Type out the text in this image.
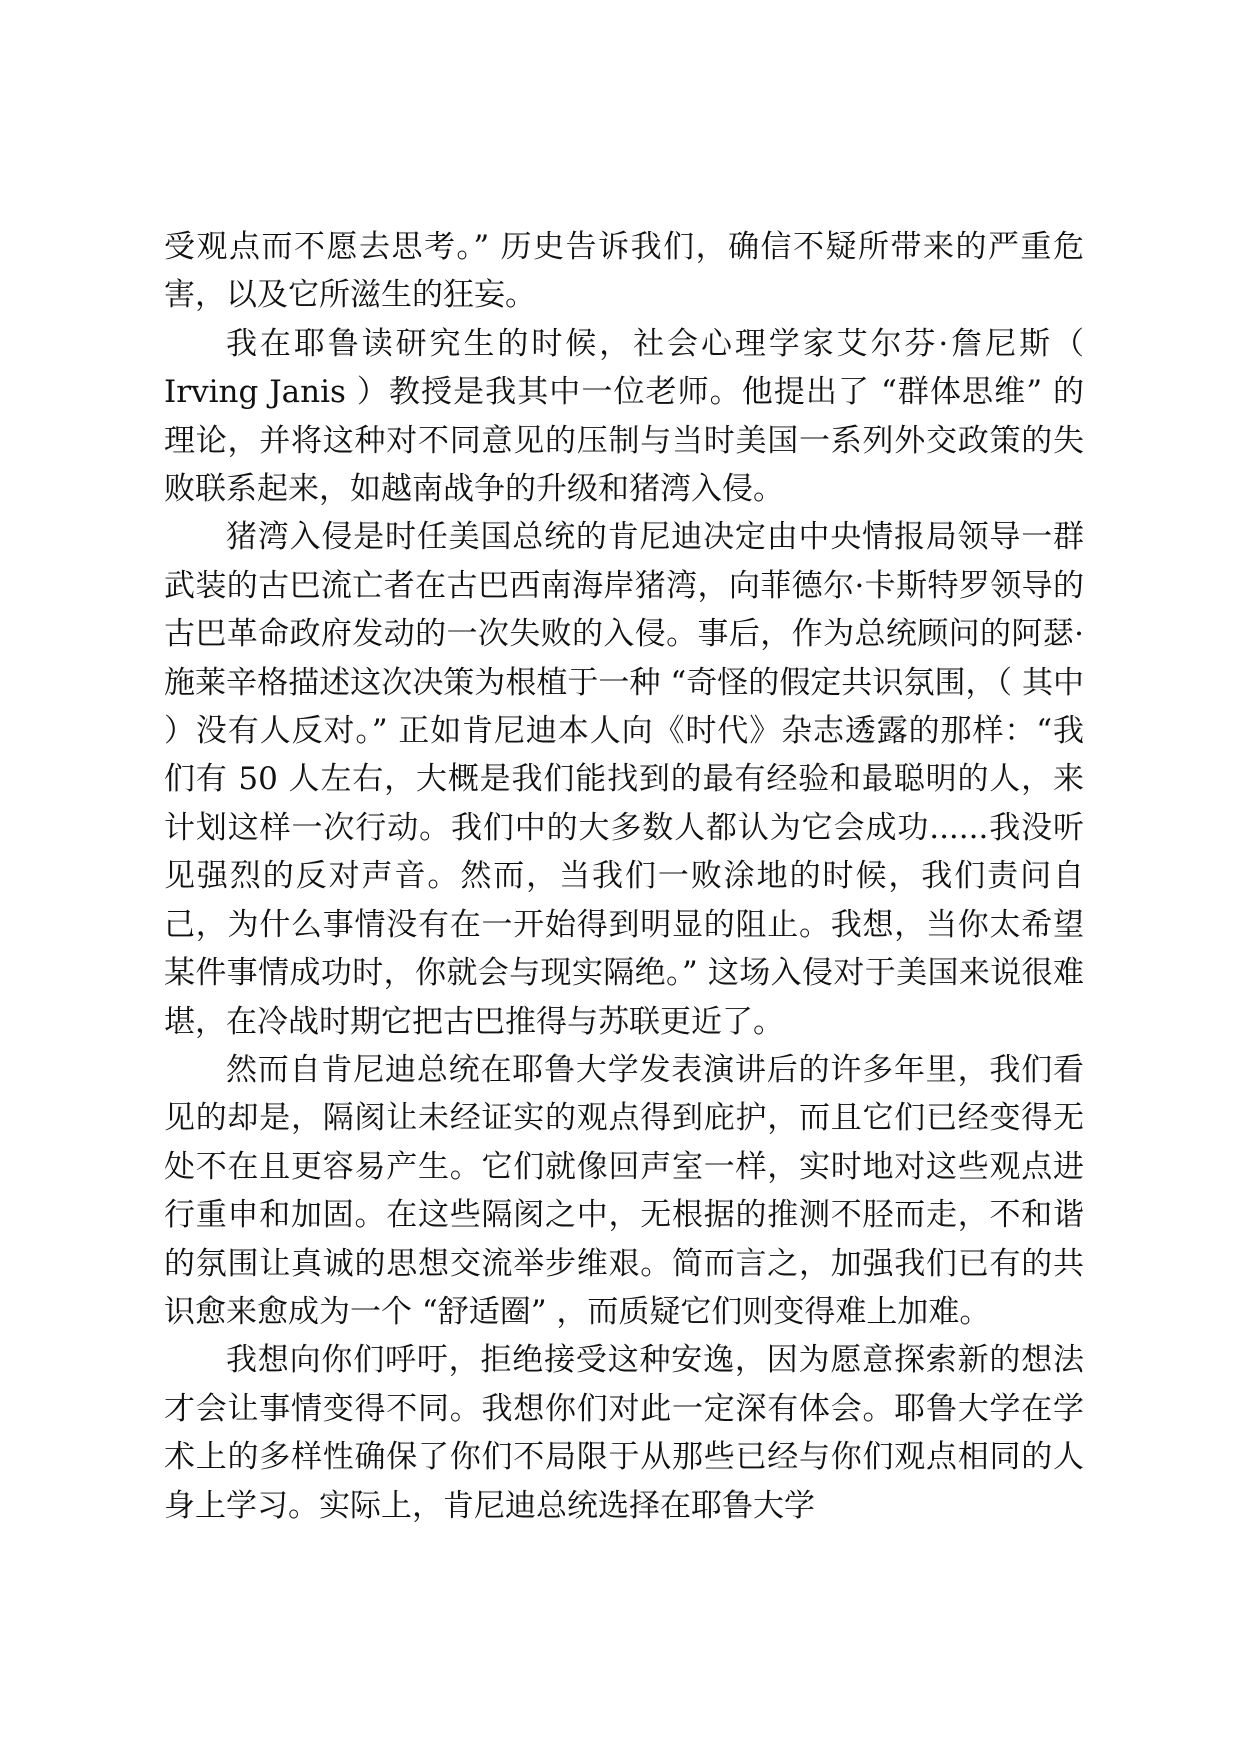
受观点而不愿去思考。” 历史告诉我们，确信不疑所带来的严重危害，以及它所滋生的狂妄。

我在耶鲁读研究生的时候，社会心理学家艾尔芬·詹尼斯（ Irving Janis ）教授是我其中一位老师。他提出了 “群体思维” 的理论，并将这种对不同意见的压制与当时美国一系列外交政策的失败联系起来，如越南战争的升级和猪湾入侵。

猪湾入侵是时任美国总统的肯尼迪决定由中央情报局领导一群武装的古巴流亡者在古巴西南海岸猪湾，向菲德尔·卡斯特罗领导的古巴革命政府发动的一次失败的入侵。事后，作为总统顾问的阿瑟·施莱辛格描述这次决策为根植于一种 “奇怪的假定共识氛围，（ 其中 ）没有人反对。” 正如肯尼迪本人向《时代》杂志透露的那样：“我们有 50 人左右，大概是我们能找到的最有经验和最聪明的人，来计划这样一次行动。我们中的大多数人都认为它会成功......我没听见强烈的反对声音。然而，当我们一败涂地的时候，我们责问自己，为什么事情没有在一开始得到明显的阻止。我想，当你太希望某件事情成功时，你就会与现实隔绝。” 这场入侵对于美国来说很难堪，在冷战时期它把古巴推得与苏联更近了。

然而自肯尼迪总统在耶鲁大学发表演讲后的许多年里，我们看见的却是，隔阂让未经证实的观点得到庇护，而且它们已经变得无处不在且更容易产生。它们就像回声室一样，实时地对这些观点进行重申和加固。在这些隔阂之中，无根据的推测不胫而走，不和谐的氛围让真诚的思想交流举步维艰。简而言之，加强我们已有的共识愈来愈成为一个 “舒适圈” ，而质疑它们则变得难上加难。

我想向你们呼吁，拒绝接受这种安逸，因为愿意探索新的想法才会让事情变得不同。我想你们对此一定深有体会。耶鲁大学在学术上的多样性确保了你们不局限于从那些已经与你们观点相同的人身上学习。实际上，肯尼迪总统选择在耶鲁大学
